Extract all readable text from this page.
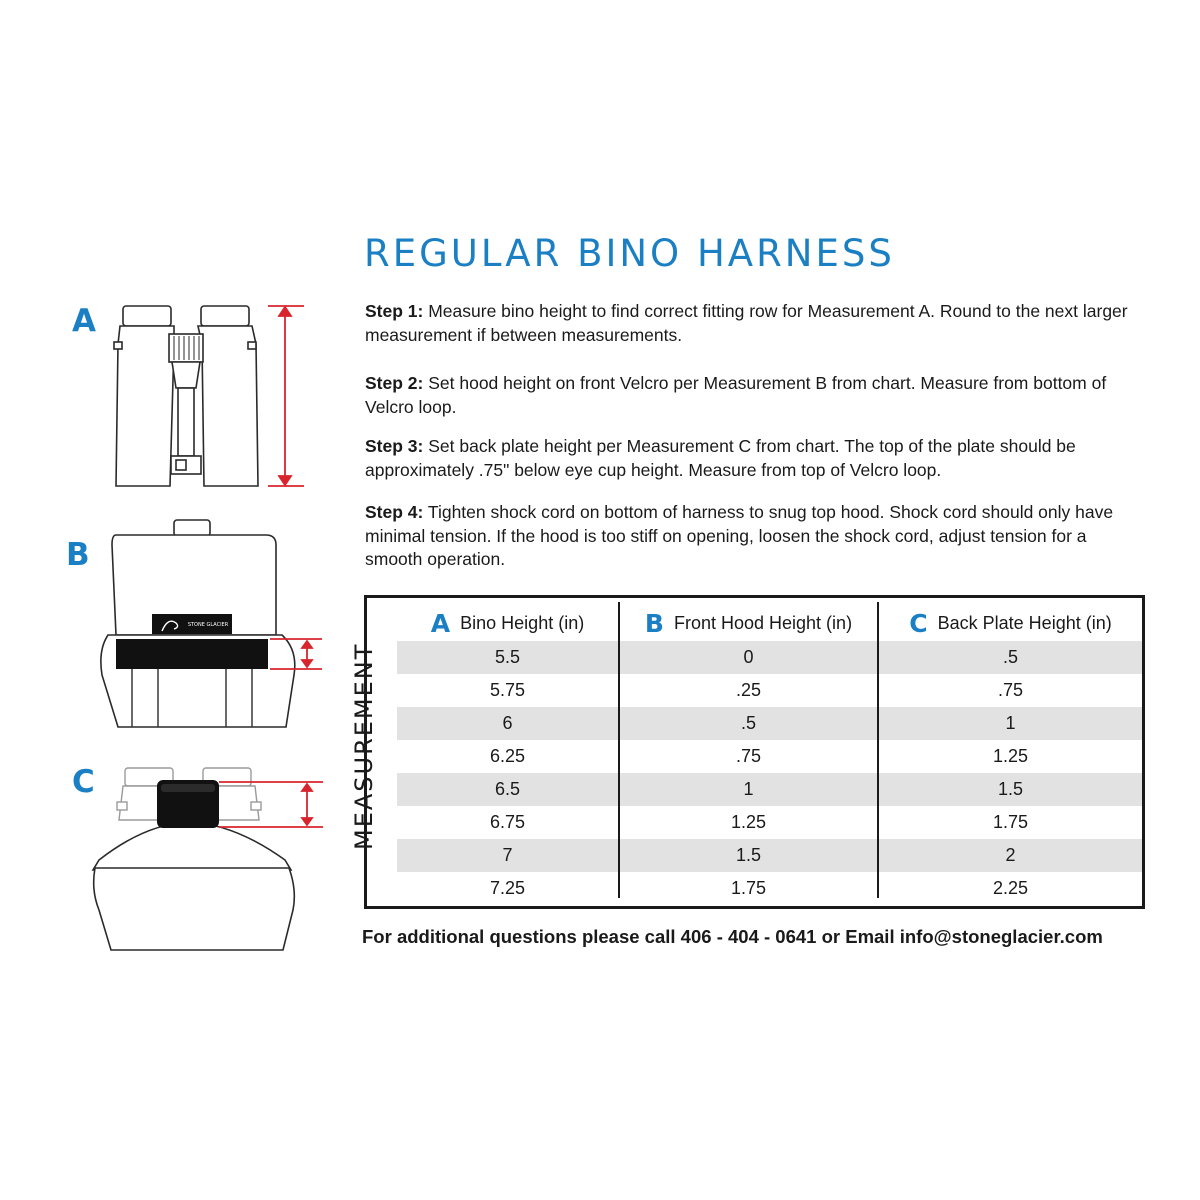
REGULAR BINO HARNESS

Step 1: Measure bino height to find correct fitting row for Measurement A. Round to the next larger measurement if between measurements.

Step 2: Set hood height on front Velcro per Measurement B from chart. Measure from bottom of Velcro loop.

Step 3: Set back plate height per Measurement C from chart. The top of the plate should be approximately .75" below eye cup height. Measure from top of Velcro loop.

Step 4: Tighten shock cord on bottom of harness to snug top hood. Shock cord should only have minimal tension. If the hood is too stiff on opening, loosen the shock cord, adjust tension for a smooth operation.

A
B
STONE GLACIER
C
A Bino Height (in) B Front Hood Height (in) C Back Plate Height (in)
5.5	0	.5
5.75	.25	.75
6	.5	1
6.25	.75	1.25
6.5	1	1.5
6.75	1.25	1.75
7	1.5	2
7.25	1.75	2.25
MEASUREMENT

For additional questions please call 406 - 404 - 0641 or Email info@stoneglacier.com
